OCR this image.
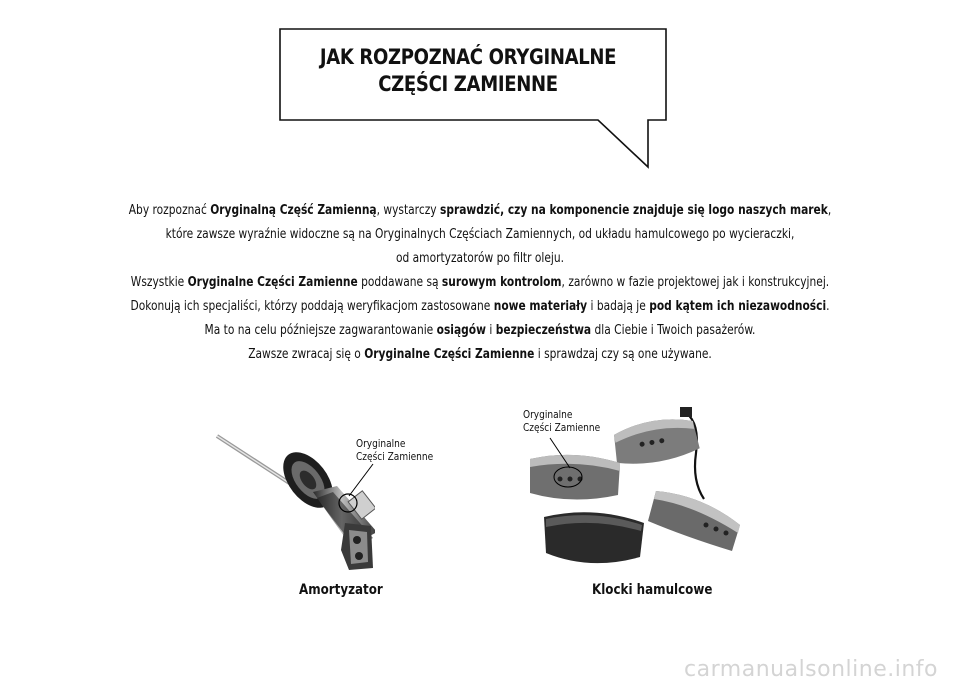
JAK ROZPOZNAĆ ORYGINALNE
CZĘŚCI ZAMIENNE
Aby rozpoznać Oryginalną Część Zamienną, wystarczy sprawdzić, czy na komponencie znajduje się logo naszych marek,
które zawsze wyraźnie widoczne są na Oryginalnych Częściach Zamiennych, od układu hamulcowego po wycieraczki,
od amortyzatorów po filtr oleju.
Wszystkie Oryginalne Części Zamienne poddawane są surowym kontrolom, zarówno w fazie projektowej jak i konstrukcyjnej.
Dokonują ich specjaliści, którzy poddają weryfikacjom zastosowane nowe materiały i badają je pod kątem ich niezawodności.
Ma to na celu późniejsze zagwarantowanie osiągów i bezpieczeństwa dla Ciebie i Twoich pasażerów.
Zawsze zwracaj się o Oryginalne Części Zamienne i sprawdzaj czy są one używane.
Oryginalne
Części Zamienne
Oryginalne
Części Zamienne
Amortyzator	Klocki hamulcowe
carmanualsonline.info
